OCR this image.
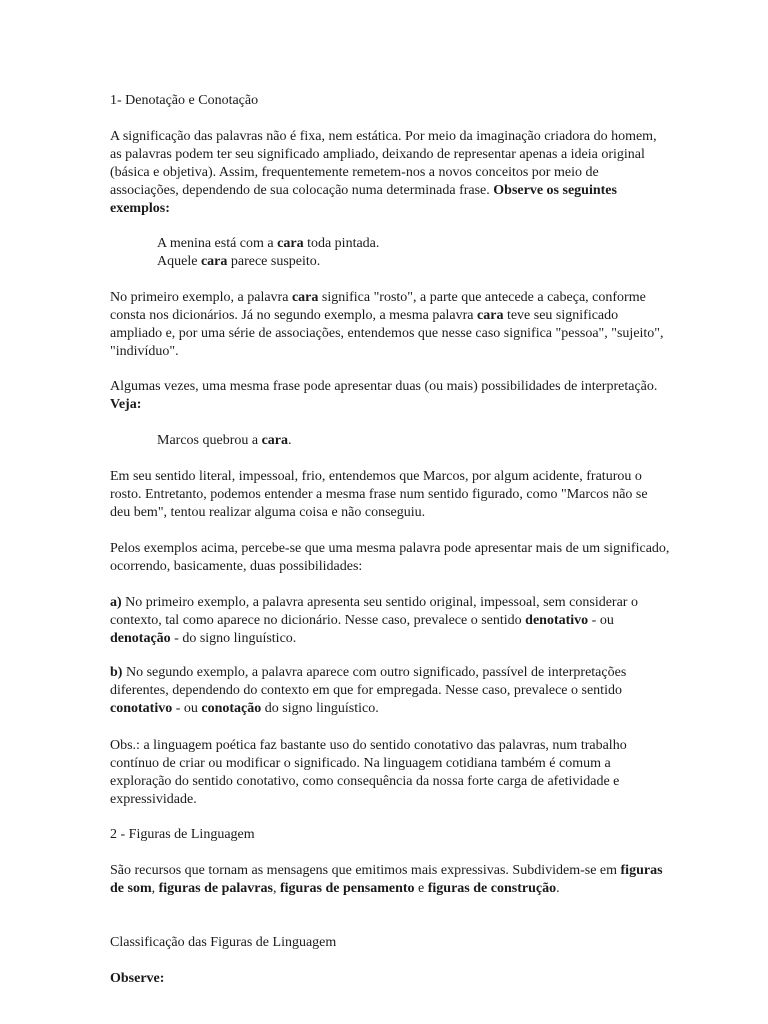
1- Denotação e Conotação

A significação das palavras não é fixa, nem estática. Por meio da imaginação criadora do homem, as palavras podem ter seu significado ampliado, deixando de representar apenas a ideia original (básica e objetiva). Assim, frequentemente remetem-nos a novos conceitos por meio de associações, dependendo de sua colocação numa determinada frase. Observe os seguintes exemplos:

A menina está com a cara toda pintada.

Aquele cara parece suspeito.

No primeiro exemplo, a palavra cara significa "rosto", a parte que antecede a cabeça, conforme consta nos dicionários. Já no segundo exemplo, a mesma palavra cara teve seu significado ampliado e, por uma série de associações, entendemos que nesse caso significa "pessoa", "sujeito", "indivíduo".

Algumas vezes, uma mesma frase pode apresentar duas (ou mais) possibilidades de interpretação. Veja:

Marcos quebrou a cara.

Em seu sentido literal, impessoal, frio, entendemos que Marcos, por algum acidente, fraturou o rosto. Entretanto, podemos entender a mesma frase num sentido figurado, como "Marcos não se deu bem", tentou realizar alguma coisa e não conseguiu.

Pelos exemplos acima, percebe-se que uma mesma palavra pode apresentar mais de um significado, ocorrendo, basicamente, duas possibilidades:

a) No primeiro exemplo, a palavra apresenta seu sentido original, impessoal, sem considerar o contexto, tal como aparece no dicionário. Nesse caso, prevalece o sentido denotativo - ou denotação - do signo linguístico.

b) No segundo exemplo, a palavra aparece com outro significado, passível de interpretações diferentes, dependendo do contexto em que for empregada. Nesse caso, prevalece o sentido conotativo - ou conotação do signo linguístico.

Obs.: a linguagem poética faz bastante uso do sentido conotativo das palavras, num trabalho contínuo de criar ou modificar o significado. Na linguagem cotidiana também é comum a exploração do sentido conotativo, como consequência da nossa forte carga de afetividade e expressividade.

2 - Figuras de Linguagem

São recursos que tornam as mensagens que emitimos mais expressivas. Subdividem-se em figuras de som, figuras de palavras, figuras de pensamento e figuras de construção.

Classificação das Figuras de Linguagem

Observe:
